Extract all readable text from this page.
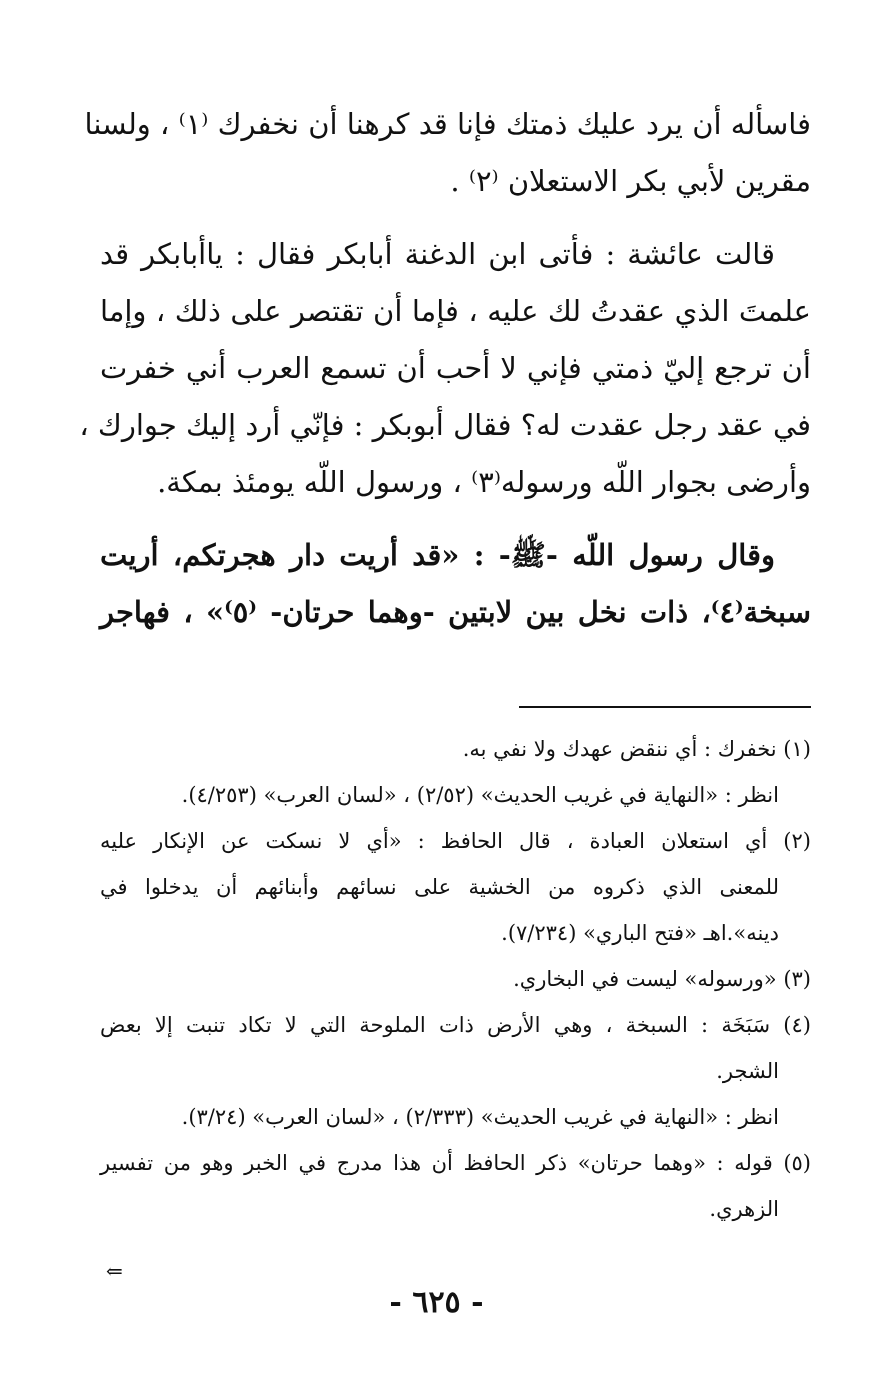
فاسأله أن يرد عليك ذمتك فإنا قد كرهنا أن نخفرك ⁽١⁾ ، ولسنا
مقرين لأبي بكر الاستعلان ⁽٢⁾ .
قالت عائشة : فأتى ابن الدغنة أبابكر فقال : ياأبابكر قد
علمتَ الذي عقدتُ لك عليه ، فإما أن تقتصر على ذلك ، وإما
أن ترجع إليّ ذمتي فإني لا أحب أن تسمع العرب أني خفرت
في عقد رجل عقدت له؟ فقال أبوبكر : فإنّي أرد إليك جوارك ،
وأرضى بجوار اللّه ورسوله⁽٣⁾ ، ورسول اللّه يومئذ بمكة.
وقال رسول اللّه -ﷺ- : «قد أريت دار هجرتكم، أريت
سبخة⁽٤⁾، ذات نخل بين لابتين -وهما حرتان- ⁽٥⁾» ، فهاجر
(١) نخفرك : أي ننقض عهدك ولا نفي به.
انظر : «النهاية في غريب الحديث» (٢/٥٢) ، «لسان العرب» (٤/٢٥٣).
(٢) أي استعلان العبادة ، قال الحافظ : «أي لا نسكت عن الإنكار عليه
للمعنى الذي ذكروه من الخشية على نسائهم وأبنائهم أن يدخلوا في
دينه».اهـ «فتح الباري» (٧/٢٣٤).
(٣) «ورسوله» ليست في البخاري.
(٤) سَبَخَة : السبخة ، وهي الأرض ذات الملوحة التي لا تكاد تنبت إلا بعض
الشجر.
انظر : «النهاية في غريب الحديث» (٢/٣٣٣) ، «لسان العرب» (٣/٢٤).
(٥) قوله : «وهما حرتان» ذكر الحافظ أن هذا مدرج في الخبر وهو من تفسير
الزهري.
⇐
- ٦٢٥ -
